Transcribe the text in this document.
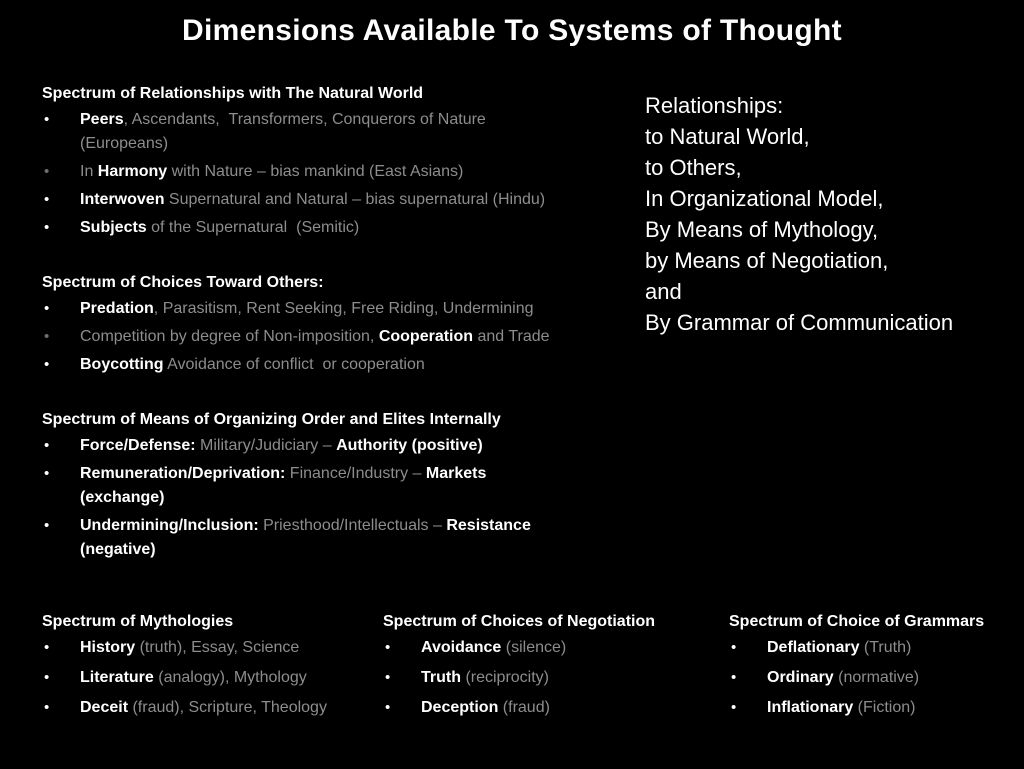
Dimensions Available To Systems of Thought
Spectrum of Relationships with The Natural World
• Peers, Ascendants,  Transformers, Conquerors of Nature
(Europeans)
• In Harmony with Nature – bias mankind (East Asians)
• Interwoven Supernatural and Natural – bias supernatural (Hindu)
• Subjects of the Supernatural  (Semitic)
Spectrum of Choices Toward Others:
• Predation, Parasitism, Rent Seeking, Free Riding, Undermining
• Competition by degree of Non-imposition, Cooperation and Trade
• Boycotting Avoidance of conflict  or cooperation
Spectrum of Means of Organizing Order and Elites Internally
• Force/Defense: Military/Judiciary – Authority (positive)
• Remuneration/Deprivation: Finance/Industry – Markets
(exchange)
• Undermining/Inclusion: Priesthood/Intellectuals – Resistance
(negative)
Relationships:
to Natural World,
to Others,
In Organizational Model,
By Means of Mythology,
by Means of Negotiation,
and
By Grammar of Communication
Spectrum of Mythologies
• History (truth), Essay, Science
• Literature (analogy), Mythology
• Deceit (fraud), Scripture, Theology
Spectrum of Choices of Negotiation
• Avoidance (silence)
• Truth (reciprocity)
• Deception (fraud)
Spectrum of Choice of Grammars
• Deflationary (Truth)
• Ordinary (normative)
• Inflationary (Fiction)
